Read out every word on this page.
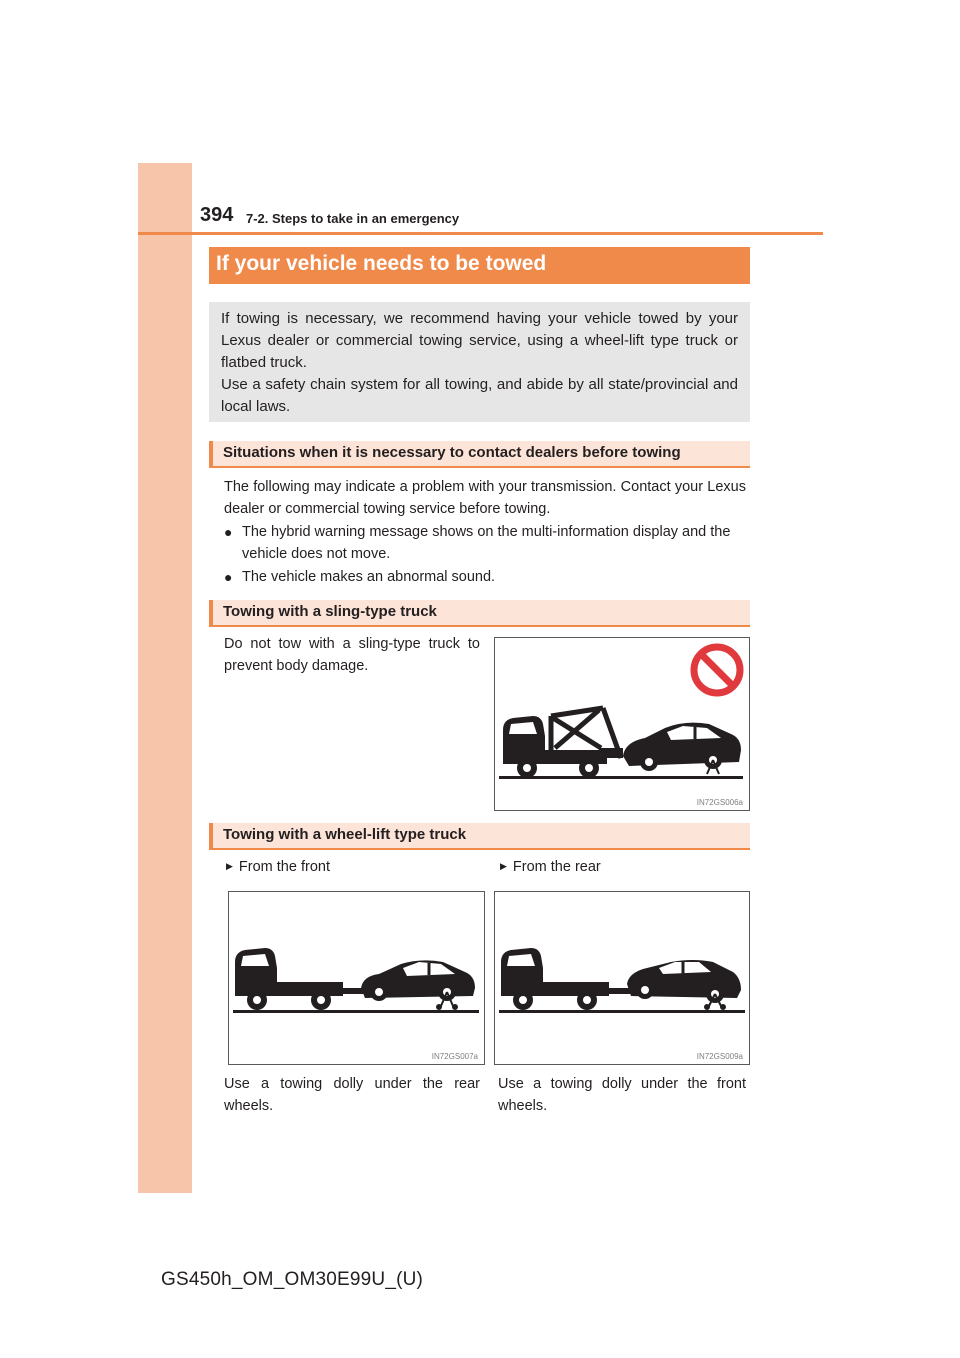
394 7-2. Steps to take in an emergency
If your vehicle needs to be towed

If towing is necessary, we recommend having your vehicle towed by your Lexus dealer or commercial towing service, using a wheel-lift type truck or flatbed truck.

Use a safety chain system for all towing, and abide by all state/provincial and local laws.

Situations when it is necessary to contact dealers before towing

The following may indicate a problem with your transmission. Contact your Lexus dealer or commercial towing service before towing.

● The hybrid warning message shows on the multi-information display and the vehicle does not move.
● The vehicle makes an abnormal sound.
Towing with a sling-type truck

Do not tow with a sling-type truck to prevent body damage.

IN72GS006a
Towing with a wheel-lift type truck
▶ From the front	▶ From the rear
IN72GS007a	IN72GS009a

Use a towing dolly under the rear wheels.

Use a towing dolly under the front wheels.

GS450h_OM_OM30E99U_(U)
